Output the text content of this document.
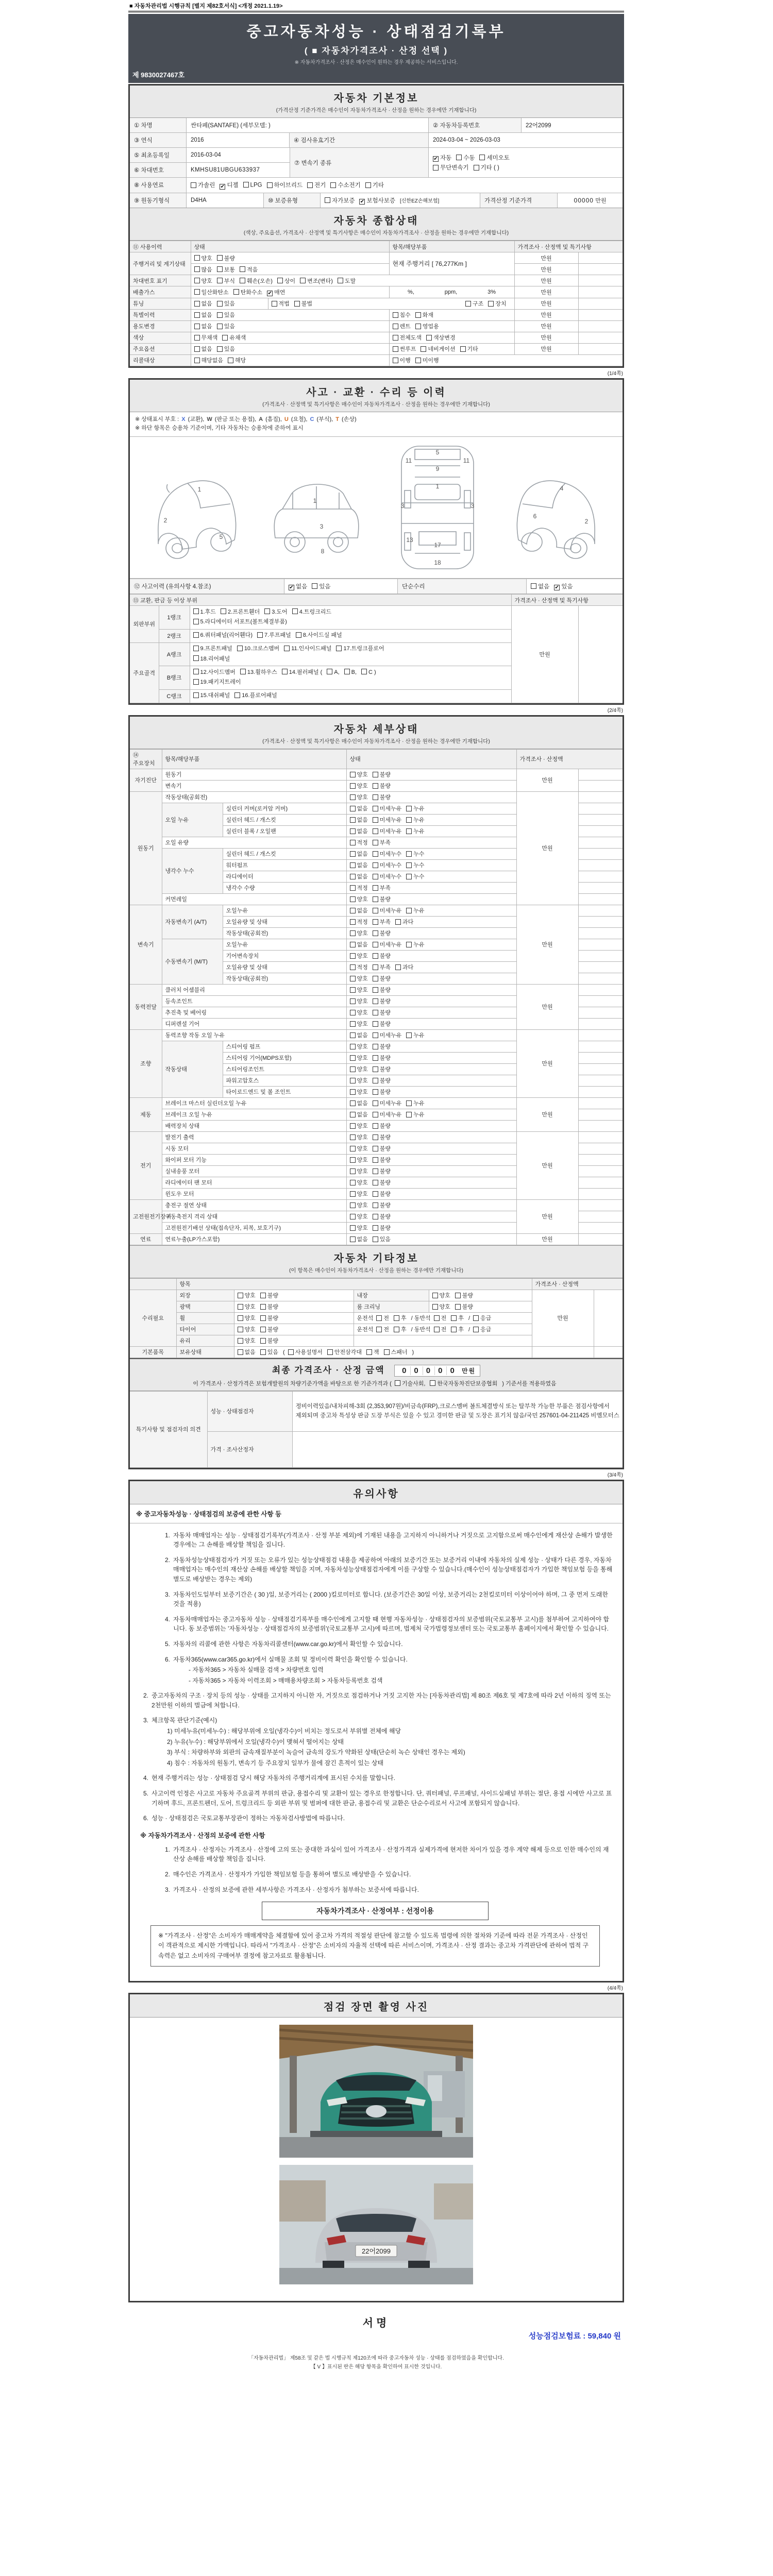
■ 자동차관리법 시행규칙 [별지 제82호서식] <개정 2021.1.19>
중고자동차성능 · 상태점검기록부
( ■ 자동차가격조사 · 산정 선택 )
※ 자동차가격조사 · 산정은 매수인이 원하는 경우 제공하는 서비스입니다.
제 9830027467호
자동차 기본정보
(가격산정 기준가격은 매수인이 자동차가격조사 · 산정을 원하는 경우에만 기재합니다)
① 차명	싼타페(SANTAFE) (세부모델: )	② 자동차등록번호	22어2099
③ 연식	2016	④ 검사유효기간	2024-03-04 ~ 2026-03-03
⑤ 최초등록일	2016-03-04
⑥ 차대번호	KMHSU81UBGU633937
⑦ 변속기 종류
✔ 자동 수동 세미오토
무단변속기 기타 ( )
⑧ 사용연료	가솔린 ✔ 디젤	LPG	하이브리드	전기	수소전기	기타
⑨ 원동기형식	D4HA	⑩ 보증유형	자가보증 ✔ 보험사보증 [신한EZ손해보험]	가격산정 기준가격	00000
만원
자동차 종합상태
(색상, 주요옵션, 가격조사 · 산정액 및 특기사항은 매수인이 자동차가격조사 · 산정을 원하는 경우에만 기재합니다)
⑪ 사용이력	상태		항목/해당부품	가격조사 · 산정액 및 특기사항	
주행거리 및 계기상태	양호 불량		현재 주행거리 [ 76,277Km ]	만원	
	많음 보통 적음			만원	
차대번호 표기	양호 부식 훼손(오손) 상이 변조(변타) 도말			만원	
배출가스	일산화탄소 탄화수소 ✔ 매연		%, ppm, 3%	만원	
튜닝	없음 있음	적법 불법 구조 장치		만원	
특별이력	없음 있음		침수 화재	만원	
용도변경	없음 있음		렌트 영업용	만원	
색상	무채색 유채색		전체도색 색상변경	만원	
주요옵션	없음 있음		썬루프 네비게이션 기타	만원	
리콜대상	해당없음 해당		이행 미이행		
(1/4쪽)
사고 · 교환 · 수리 등 이력
(가격조사 · 산정액 및 특기사항은 매수인이 자동차가격조사 · 산정을 원하는 경우에만 기재합니다)
※ 상태표시 부호 : X (교환), W (판금 또는 용접), A (흠집), U (요철), C (부식), T (손상)
※ 하단 항목은 승용차 기준이며, 기타 자동차는 승용차에 준하여 표시
2
1
5
1
3
8
5
9
11	11
1
3	3
13
17
18
2
4
6
⑫ 사고이력 (유의사항 4.참조)	✔ 없음	있음	단순수리	없음 ✔ 있음
⑬ 교환, 판금 등 이상 부위			가격조사 · 산정액 및 특기사항	
외판부위	1랭크	1.후드 2.프론트휀더 3.도어 4.트렁크리드
5.라디에이터 서포트(볼트체결부품)	만원	
	2랭크	6.쿼터패널(리어휀다) 7.루프패널 8.사이드실 패널		
주요골격	A랭크	9.프론트패널 10.크로스멤버 11.인사이드패널 17.트렁크플로어
18.리어패널		
	B랭크	12.사이드멤버 13.휠하우스 14.필러패널 ( A, B, C )
19.패키지트레이		
	C랭크	15.대쉬패널 16.플로어패널		
(2/4쪽)
자동차 세부상태
(가격조사 · 산정액 및 특기사항은 매수인이 자동차가격조사 · 산정을 원하는 경우에만 기재합니다)
⑭ 주요장치	항목/해당부품		상태	가격조사 · 산정액	
자기진단	원동기		양호 불량	만원	
	변속기		양호 불량		
원동기	작동상태(공회전)		양호 불량	만원	
	오일 누유	실린더 커버(로커암 커버)	없음 미세누유 누유		
		실린더 헤드 / 개스킷	없음 미세누유 누유		
		실린더 블록 / 오일팬	없음 미세누유 누유		
	오일 유량		적정 부족		
	냉각수 누수	실린더 헤드 / 개스킷	없음 미세누수 누수		
		워터펌프	없음 미세누수 누수		
		라디에이터	없음 미세누수 누수		
		냉각수 수량	적정 부족		
	커먼레일		양호 불량		
변속기	자동변속기 (A/T)	오일누유	없음 미세누유 누유	만원	
		오일유량 및 상태	적정 부족 과다		
		작동상태(공회전)	양호 불량		
	수동변속기 (M/T)	오일누유	없음 미세누유 누유		
		기어변속장치	양호 불량		
		오일유량 및 상태	적정 부족 과다		
		작동상태(공회전)	양호 불량		
동력전달	클러치 어셈블리		양호 불량	만원	
	등속조인트		양호 불량		
	추진축 및 베어링		양호 불량		
	디퍼렌셜 기어		양호 불량		
조향	동력조향 작동 오일 누유		없음 미세누유 누유	만원	
	작동상태	스티어링 펌프	양호 불량		
		스티어링 기어(MDPS포함)	양호 불량		
		스티어링조인트	양호 불량		
		파워고압호스	양호 불량		
		타이로드엔드 및 볼 조인트	양호 불량		
제동	브레이크 마스터 실린더오일 누유		없음 미세누유 누유	만원	
	브레이크 오일 누유		없음 미세누유 누유		
	배력장치 상태		양호 불량		
전기	발전기 출력		양호 불량	만원	
	시동 모터		양호 불량		
	와이퍼 모터 기능		양호 불량		
	실내송풍 모터		양호 불량		
	라디에이터 팬 모터		양호 불량		
	윈도우 모터		양호 불량		
고전원전기장치	충전구 절연 상태		양호 불량	만원	
	구동축전지 격리 상태		양호 불량		
	고전원전기배선 상태(접속단자, 피복, 보호기구)		양호 불량		
연료	연료누출(LP가스포함)		없음 있음	만원	
자동차 기타정보
(이 항목은 매수인이 자동차가격조사 · 산정을 원하는 경우에만 기재합니다)
	항목				가격조사 · 산정액	
수리필요	외장	양호 불량	내장	양호 불량	만원	
	광택	양호 불량	룸 크리닝	양호 불량		
	휠	양호 불량	운전석 전 후 / 동반석 전 후 / 응급			
	타이어	양호 불량	운전석 전 후 / 동반석 전 후 / 응급			
	유리	양호 불량				
기본품목	보유상태	없음 있음 ( 사용설명서 안전삼각대 잭 스패너 )				
최종 가격조사 · 산정 금액 0 0 0 0 0 만원
이 가격조사 · 산정가격은 보험개발원의 차량기준가액을 바탕으로 한 기준가격과 ( 기술사회, 한국자동차진단보증협회 ) 기준서를 적용하였음
특기사항 및 점검자의 의견	성능 · 상태점검자	정비이력있음/내차피해-3회 (2,353,907원)/비금속(FRP),크로스멤버 볼트체결방식 또는 탈부착 가능한 부품은 점검사항에서 제외되며 중고차 특성상 판금 도장 부식은 있을 수 있고 경미한 판금 및 도장은 표기치 않음/국민 257601-04-211425 비엠모터스
	가격 · 조사산정자	
(3/4쪽)
유의사항
※ 중고자동차성능 · 상태점검의 보증에 관한 사항 등
1. 자동차 매매업자는 성능 · 상태점검기록부(가격조사 · 산정 부분 제외)에 기재된 내용을 고지하지 아니하거나 거짓으로 고지함으로써 매수인에게 재산상 손해가 발생한 경우에는 그 손해를 배상할 책임을 집니다.
2. 자동차성능상태점검자가 거짓 또는 오류가 있는 성능상태점검 내용을 제공하여 아래의 보증기간 또는 보증거리 이내에 자동차의 실제 성능 · 상태가 다른 경우, 자동차매매업자는 매수인의 재산상 손해를 배상할 책임을 지며, 자동차성능상태점검자에게 이를 구상할 수 있습니다.(매수인이 성능상태점검자가 가입한 책임보험 등을 통해 별도로 배상받는 경우는 제외)
3. 자동차인도일부터 보증기간은 ( 30 )일, 보증거리는 ( 2000 )킬로미터로 합니다. (보증기간은 30일 이상, 보증거리는 2천킬로미터 이상이어야 하며, 그 중 먼저 도래한 것을 적용)
4. 자동차매매업자는 중고자동차 성능 · 상태점검기록부를 매수인에게 고지할 때 현행 자동차성능 · 상태점검자의 보증범위(국토교통부 고시)를 첨부하여 고지하여야 합니다. 동 보증범위는 '자동차성능 · 상태점검자의 보증범위'(국토교통부 고시)에 따르며, 법제처 국가법령정보센터 또는 국토교통부 홈페이지에서 확인할 수 있습니다.
5. 자동차의 리콜에 관한 사항은 자동차리콜센터(www.car.go.kr)에서 확인할 수 있습니다.
6. 자동차365(www.car365.go.kr)에서 실매물 조회 및 정비이력 확인을 확인할 수 있습니다.
- 자동차365 > 자동차 실매물 검색 > 차량번호 입력
- 자동차365 > 자동차 이력조회 > 매매용차량조회 > 자동차등록번호 검색
2. 중고자동차의 구조 · 장치 등의 성능 · 상태를 고지하지 아니한 자, 거짓으로 점검하거나 거짓 고지한 자는 [자동차관리법] 제 80조 제6호 및 제7호에 따라 2년 이하의 징역 또는 2천만원 이하의 벌금에 처합니다.
3. 체크항목 판단기준(예시)
1) 미세누유(미세누수) : 해당부위에 오일(냉각수)이 비치는 정도로서 부위별 전체에 해당
2) 누유(누수) : 해당부위에서 오일(냉각수)이 맺혀서 떨어지는 상태
3) 부식 : 차량하부와 외판의 금속재질부분이 녹슬어 금속의 강도가 약화된 상태(단순히 녹슨 상태인 경우는 제외)
4) 침수 : 자동차의 원동기, 변속기 등 주요장치 일부가 물에 잠긴 흔적이 있는 상태
4. 현재 주행거리는 성능 · 상태점검 당시 해당 자동차의 주행거리계에 표시된 수치를 말합니다.
5. 사고이력 인정은 사고로 자동차 주요골격 부위의 판금, 용접수리 및 교환이 있는 경우로 한정합니다. 단, 쿼터패널, 루프패널, 사이드실패널 부위는 절단, 용접 시에만 사고로 표기하며 후드, 프론트펜더, 도어, 트렁크리드 등 외판 부위 및 범퍼에 대한 판금, 용접수리 및 교환은 단순수리로서 사고에 포함되지 않습니다.
6. 성능 · 상태점검은 국토교통부장관이 정하는 자동차검사방법에 따릅니다.
※ 자동차가격조사 · 산정의 보증에 관한 사항
1. 가격조사 · 산정자는 가격조사 · 산정에 고의 또는 중대한 과실이 있어 가격조사 · 산정가격과 실제가격에 현저한 차이가 있을 경우 계약 해제 등으로 인한 매수인의 재산상 손해를 배상할 책임을 집니다.
2. 매수인은 가격조사 · 산정자가 가입한 책임보험 등을 통하여 별도로 배상받을 수 있습니다.
3. 가격조사 · 산정의 보증에 관한 세부사항은 가격조사 · 산정자가 첨부하는 보증서에 따릅니다.
자동차가격조사 · 산정여부 : 선정이용
※ "가격조사 · 산정"은 소비자가 매매계약을 체결함에 있어 중고차 가격의 적절성 판단에 참고할 수 있도록 법령에 의한 절차와 기준에 따라 전문 가격조사 · 산정인이 객관적으로 제시한 가액입니다. 따라서 "가격조사 · 산정"은 소비자의 자율적 선택에 따른 서비스이며, 가격조사 · 산정 결과는 중고차 가격판단에 관하여 법적 구속력은 없고 소비자의 구매여부 결정에 참고자료로 활용됩니다.
(4/4쪽)
점검 장면 촬영 사진
22어2099
서명
성능점검보험료 : 59,840 원
「자동차관리법」 제58조 및 같은 법 시행규칙 제120조에 따라 중고자동차 성능 · 상태를 점검하였음을 확인합니다.
【 V 】표시된 란은 해당 항목을 확인하여 표시한 것입니다.
